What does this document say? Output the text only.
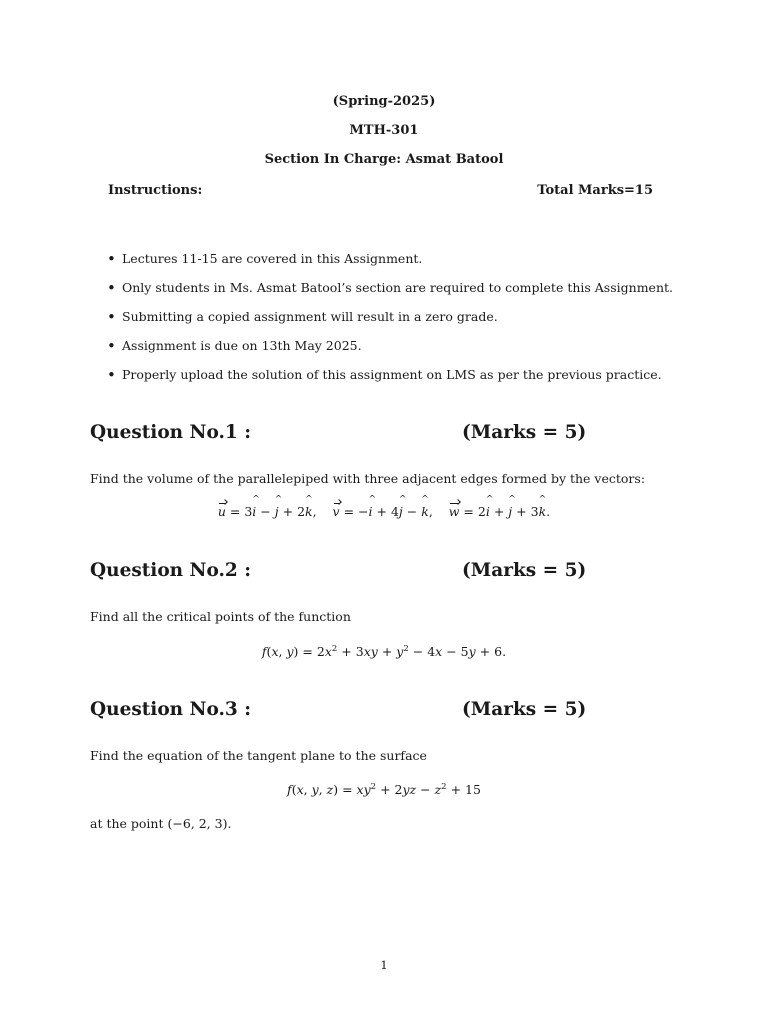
(Spring-2025)
MTH-301
Section In Charge: Asmat Batool
Instructions:	Total Marks=15
• Lectures 11-15 are covered in this Assignment.
• Only students in Ms. Asmat Batool’s section are required to complete this Assignment.
• Submitting a copied assignment will result in a zero grade.
• Assignment is due on 13th May 2025.
• Properly upload the solution of this assignment on LMS as per the previous practice.
Question No.1 :	(Marks = 5)
Find the volume of the parallelepiped with three adjacent edges formed by the vectors:
u = 3i ^ − j ^ + 2k ^, v = −i ^ + 4j ^ − k ^, w = 2i ^ + j ^ + 3k ^.
Question No.2 :	(Marks = 5)
Find all the critical points of the function
f(x, $y) = 2x^2 + 3xy + y^2 - 4x - 5y + 6$.
Question No.3 :	(Marks = 5)
Find the equation of the tangent plane to the surface
f(x, y, $z) = xy^2 + 2yz - z^2 + 15$
at the point (−6, 2, 3).
1
